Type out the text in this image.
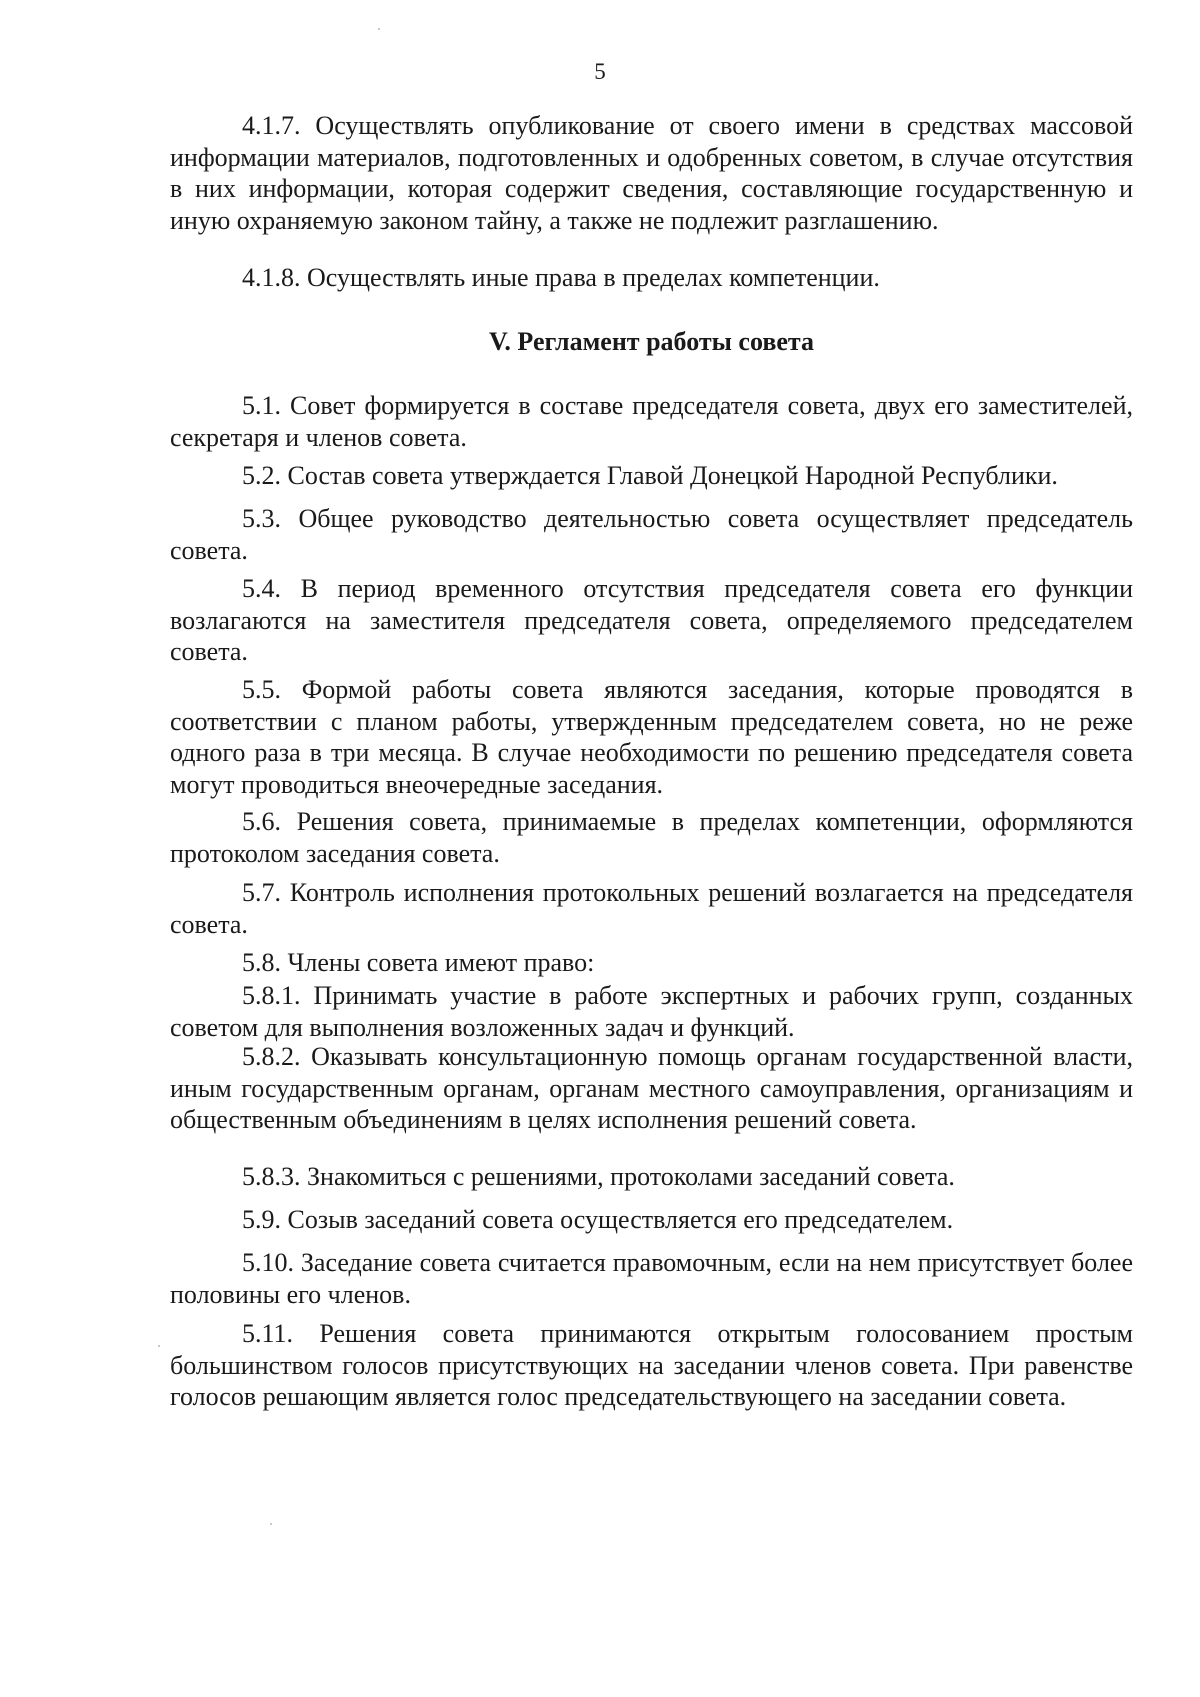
5

4.1.7. Осуществлять опубликование от своего имени в средствах массовой информации материалов, подготовленных и одобренных советом, в случае отсутствия в них информации, которая содержит сведения, составляющие государственную и иную охраняемую законом тайну, а также не подлежит разглашению.

4.1.8. Осуществлять иные права в пределах компетенции.

V. Регламент работы совета

5.1. Совет формируется в составе председателя совета, двух его заместителей, секретаря и членов совета.

5.2. Состав совета утверждается Главой Донецкой Народной Республики.

5.3. Общее руководство деятельностью совета осуществляет председатель совета.

5.4. В период временного отсутствия председателя совета его функции возлагаются на заместителя председателя совета, определяемого председателем совета.

5.5. Формой работы совета являются заседания, которые проводятся в соответствии с планом работы, утвержденным председателем совета, но не реже одного раза в три месяца. В случае необходимости по решению председателя совета могут проводиться внеочередные заседания.

5.6. Решения совета, принимаемые в пределах компетенции, оформляются протоколом заседания совета.

5.7. Контроль исполнения протокольных решений возлагается на председателя совета.

5.8. Члены совета имеют право:

5.8.1. Принимать участие в работе экспертных и рабочих групп, созданных советом для выполнения возложенных задач и функций.

5.8.2. Оказывать консультационную помощь органам государственной власти, иным государственным органам, органам местного самоуправления, организациям и общественным объединениям в целях исполнения решений совета.

5.8.3. Знакомиться с решениями, протоколами заседаний совета.

5.9. Созыв заседаний совета осуществляется его председателем.

5.10. Заседание совета считается правомочным, если на нем присутствует более половины его членов.

5.11. Решения совета принимаются открытым голосованием простым большинством голосов присутствующих на заседании членов совета. При равенстве голосов решающим является голос председательствующего на заседании совета.
